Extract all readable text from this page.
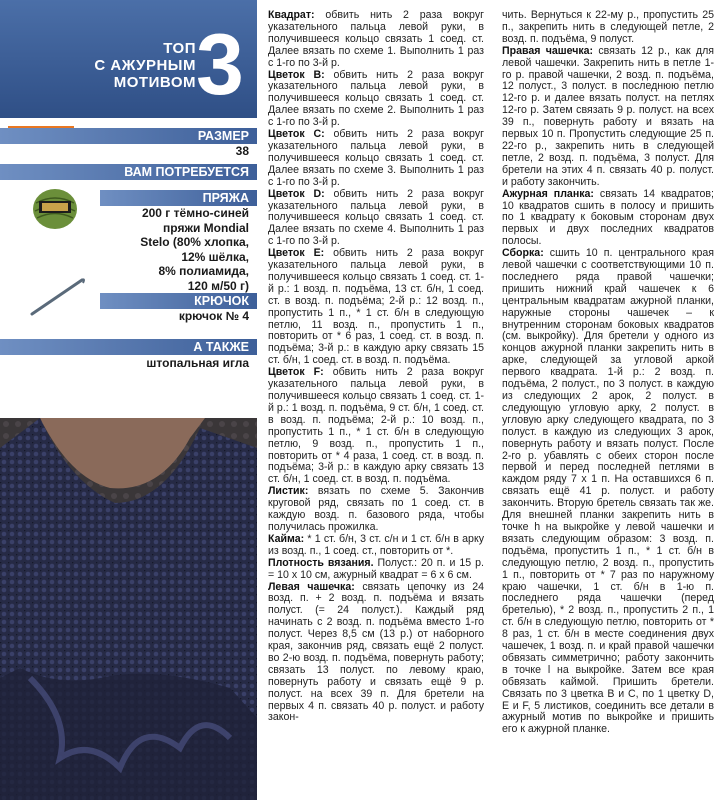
ТОП
С АЖУРНЫМ
МОТИВОМ 3
РАЗМЕР
38
ВАМ ПОТРЕБУЕТСЯ
ПРЯЖА
200 г тёмно-синей
пряжи Mondial
Stelo (80% хлопка,
12% шёлка,
8% полиамида,
120 м/50 г)
КРЮЧОК
крючок № 4
А ТАКЖЕ
штопальная игла

Квадрат: обвить нить 2 раза вокруг указательного пальца левой руки, в получившееся кольцо связать 1 соед. ст. Далее вязать по схеме 1. Выполнить 1 раз с 1-го по 3-й р.

Цветок B: обвить нить 2 раза вокруг указательного пальца левой руки, в получившееся кольцо связать 1 соед. ст. Далее вязать по схеме 2. Выполнить 1 раз с 1-го по 3-й р.

Цветок C: обвить нить 2 раза вокруг указательного пальца левой руки, в получившееся кольцо связать 1 соед. ст. Далее вязать по схеме 3. Выполнить 1 раз с 1-го по 3-й р.

Цветок D: обвить нить 2 раза вокруг указательного пальца левой руки, в получившееся кольцо связать 1 соед. ст. Далее вязать по схеме 4. Выполнить 1 раз с 1-го по 3-й р.

Цветок E: обвить нить 2 раза вокруг указательного пальца левой руки, в получившееся кольцо связать 1 соед. ст. 1-й р.: 1 возд. п. подъёма, 13 ст. б/н, 1 соед. ст. в возд. п. подъёма; 2-й р.: 12 возд. п., пропустить 1 п., * 1 ст. б/н в следующую петлю, 11 возд. п., пропустить 1 п., повторить от * 6 раз, 1 соед. ст. в возд. п. подъёма; 3-й р.: в каждую арку связать 15 ст. б/н, 1 соед. ст. в возд. п. подъёма.

Цветок F: обвить нить 2 раза вокруг указательного пальца левой руки, в получившееся кольцо связать 1 соед. ст. 1-й р.: 1 возд. п. подъёма, 9 ст. б/н, 1 соед. ст. в возд. п. подъёма; 2-й р.: 10 возд. п., пропустить 1 п., * 1 ст. б/н в следующую петлю, 9 возд. п., пропустить 1 п., повторить от * 4 раза, 1 соед. ст. в возд. п. подъёма; 3-й р.: в каждую арку связать 13 ст. б/н, 1 соед. ст. в возд. п. подъёма.

Листик: вязать по схеме 5. Закончив круговой ряд, связать по 1 соед. ст. в каждую возд. п. базового ряда, чтобы получилась прожилка.

Кайма: * 1 ст. б/н, 3 ст. с/н и 1 ст. б/н в арку из возд. п., 1 соед. ст., повторить от *.

Плотность вязания. Полуст.: 20 п. и 15 р. = 10 х 10 см, ажурный квадрат = 6 х 6 см.

Левая чашечка: связать цепочку из 24 возд. п. + 2 возд. п. подъёма и вязать полуст. (= 24 полуст.). Каждый ряд начинать с 2 возд. п. подъёма вместо 1-го полуст. Через 8,5 см (13 р.) от наборного края, закончив ряд, связать ещё 2 полуст. во 2-ю возд. п. подъёма, повернуть работу; связать 13 полуст. по левому краю, повернуть работу и связать ещё 9 р. полуст. на всех 39 п. Для бретели на первых 4 п. связать 40 р. полуст. и работу закон-

чить. Вернуться к 22-му р., пропустить 25 п., закрепить нить в следующей петле, 2 возд. п. подъёма, 9 полуст.

Правая чашечка: связать 12 р., как для левой чашечки. Закрепить нить в петле 1-го р. правой чашечки, 2 возд. п. подъёма, 12 полуст., 3 полуст. в последнюю петлю 12-го р. и далее вязать полуст. на петлях 12-го р. Затем связать 9 р. полуст. на всех 39 п., повернуть работу и вязать на первых 10 п. Пропустить следующие 25 п. 22-го р., закрепить нить в следующей петле, 2 возд. п. подъёма, 3 полуст. Для бретели на этих 4 п. связать 40 р. полуст. и работу закончить.

Ажурная планка: связать 14 квадратов; 10 квадратов сшить в полосу и пришить по 1 квадрату к боковым сторонам двух первых и двух последних квадратов полосы.

Сборка: сшить 10 п. центрального края левой чашечки с соответствующими 10 п. последнего ряда правой чашечки; пришить нижний край чашечек к 6 центральным квадратам ажурной планки, наружные стороны чашечек – к внутренним сторонам боковых квадратов (см. выкройку). Для бретели у одного из концов ажурной планки закрепить нить в арке, следующей за угловой аркой первого квадрата. 1-й р.: 2 возд. п. подъёма, 2 полуст., по 3 полуст. в каждую из следующих 2 арок, 2 полуст. в следующую угловую арку, 2 полуст. в угловую арку следующего квадрата, по 3 полуст. в каждую из следующих 3 арок, повернуть работу и вязать полуст. После 2-го р. убавлять с обеих сторон после первой и перед последней петлями в каждом ряду 7 х 1 п. На оставшихся 6 п. связать ещё 41 р. полуст. и работу закончить. Вторую бретель связать так же. Для внешней планки закрепить нить в точке h на выкройке у левой чашечки и вязать следующим образом: 3 возд. п. подъёма, пропустить 1 п., * 1 ст. б/н в следующую петлю, 2 возд. п., пропустить 1 п., повторить от * 7 раз по наружному краю чашечки, 1 ст. б/н в 1-ю п. последнего ряда чашечки (перед бретелью), * 2 возд. п., пропустить 2 п., 1 ст. б/н в следующую петлю, повторить от * 8 раз, 1 ст. б/н в месте соединения двух чашечек, 1 возд. п. и край правой чашечки обвязать симметрично; работу закончить в точке l на выкройке. Затем все края обвязать каймой. Пришить бретели. Связать по 3 цветка B и C, по 1 цветку D, E и F, 5 листиков, соединить все детали в ажурный мотив по выкройке и пришить его к ажурной планке.
